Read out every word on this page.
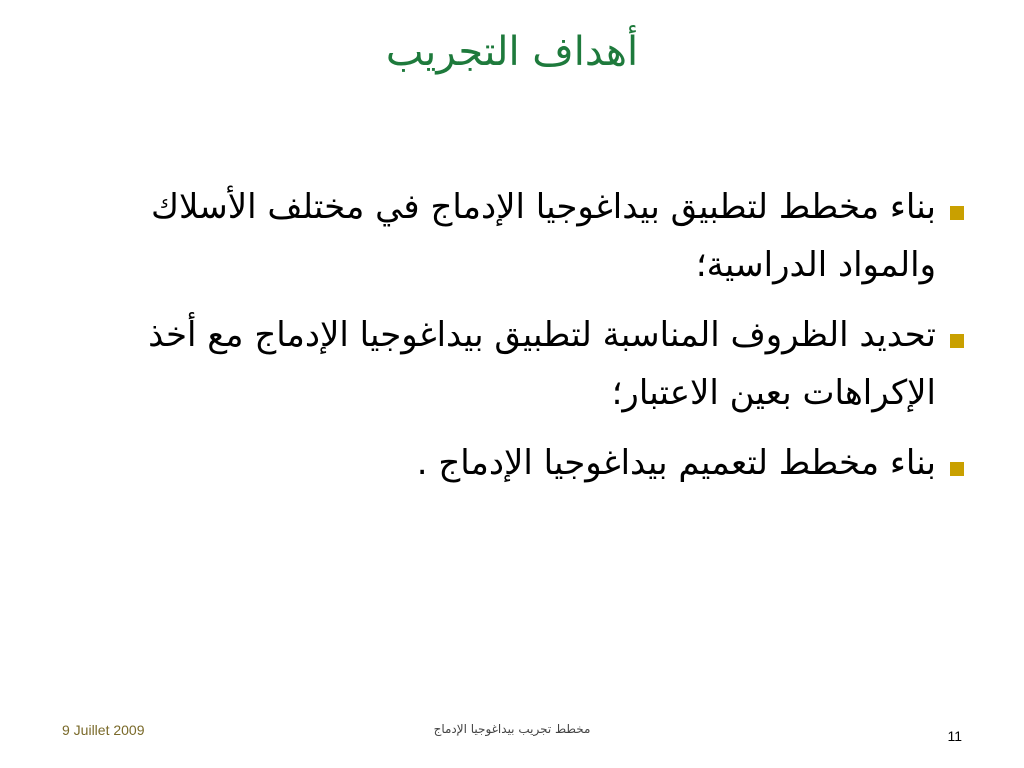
أهداف التجريب
بناء مخطط لتطبيق بيداغوجيا الإدماج في مختلف الأسلاك والمواد الدراسية؛
تحديد الظروف المناسبة لتطبيق بيداغوجيا الإدماج مع أخذ الإكراهات بعين الاعتبار؛
بناء مخطط لتعميم بيداغوجيا الإدماج .
9 Juillet 2009	مخطط تجريب بيداغوجيا الإدماج	11
